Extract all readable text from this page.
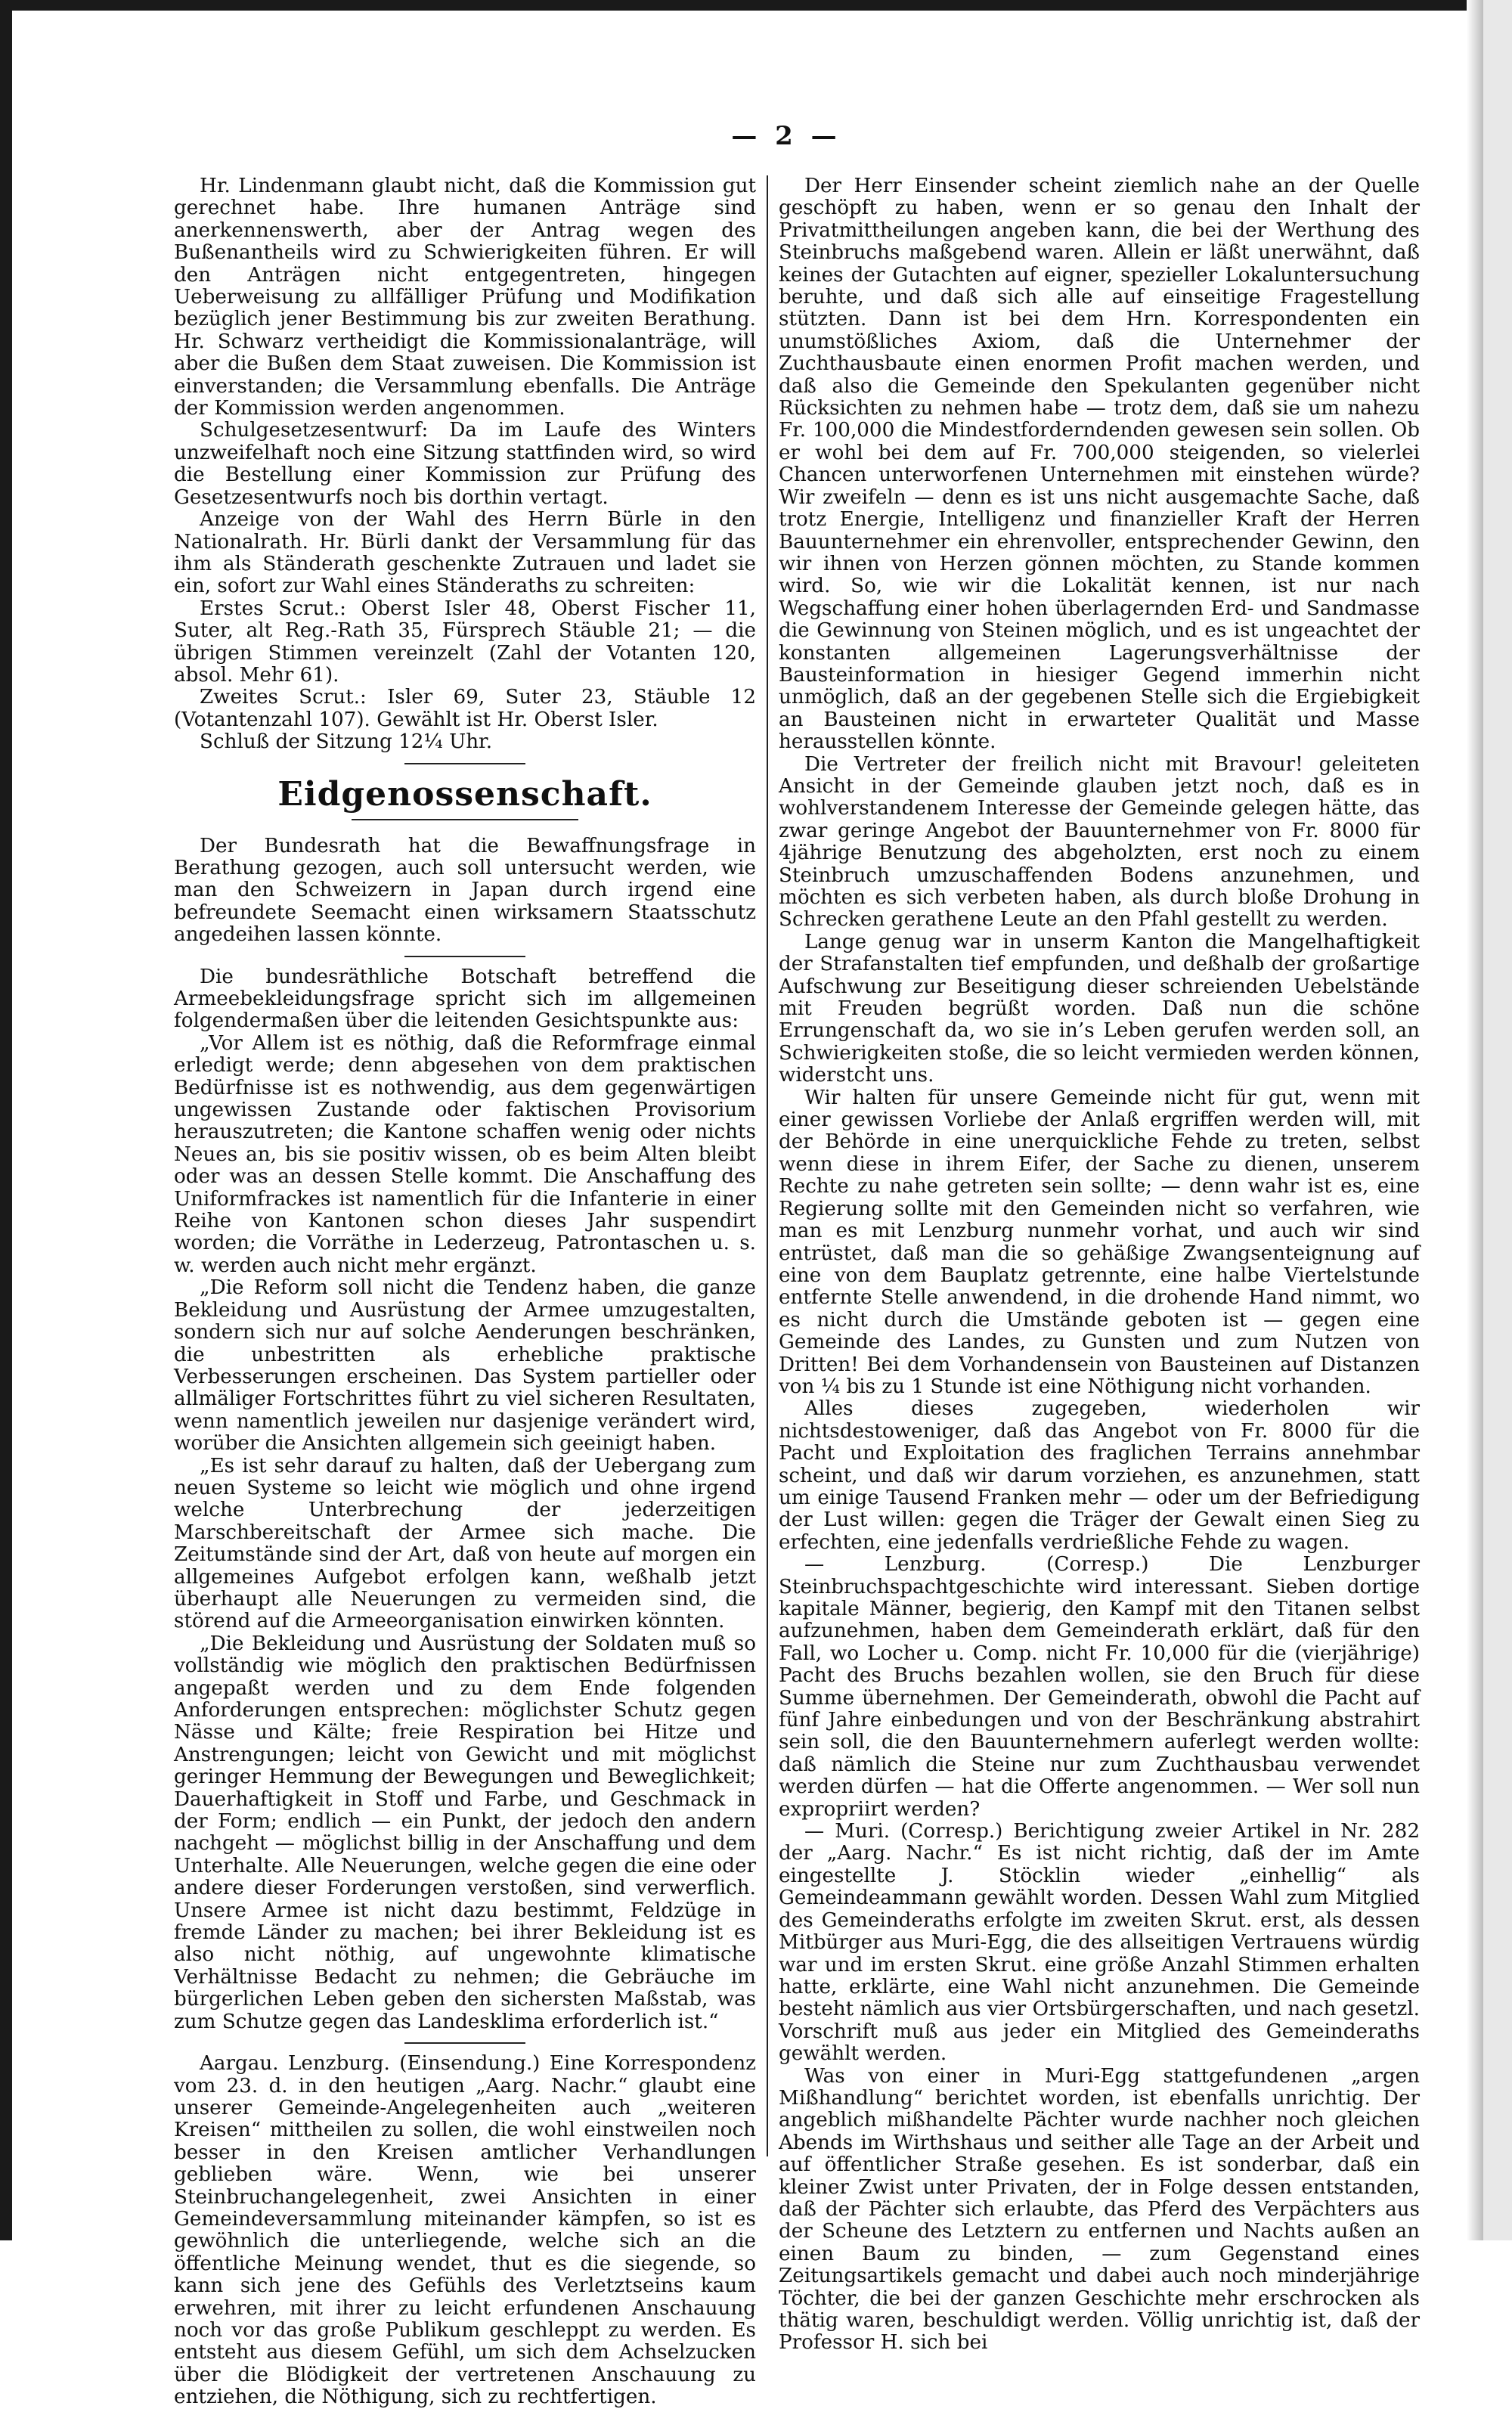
— 2 —

Hr. Lindenmann glaubt nicht, daß die Kommission gut gerechnet habe. Ihre humanen Anträge sind anerkennenswerth, aber der Antrag wegen des Bußenantheils wird zu Schwierigkeiten führen. Er will den Anträgen nicht entgegentreten, hingegen Ueberweisung zu allfälliger Prüfung und Modifikation bezüglich jener Bestimmung bis zur zweiten Berathung. Hr. Schwarz vertheidigt die Kommissionalanträge, will aber die Bußen dem Staat zuweisen. Die Kommission ist einverstanden; die Versammlung ebenfalls. Die Anträge der Kommission werden angenommen.

Schulgesetzesentwurf: Da im Laufe des Winters unzweifelhaft noch eine Sitzung stattfinden wird, so wird die Bestellung einer Kommission zur Prüfung des Gesetzesentwurfs noch bis dorthin vertagt.

Anzeige von der Wahl des Herrn Bürle in den Nationalrath. Hr. Bürli dankt der Versammlung für das ihm als Ständerath geschenkte Zutrauen und ladet sie ein, sofort zur Wahl eines Ständeraths zu schreiten:

Erstes Scrut.: Oberst Isler 48, Oberst Fischer 11, Suter, alt Reg.-Rath 35, Fürsprech Stäuble 21; — die übrigen Stimmen vereinzelt (Zahl der Votanten 120, absol. Mehr 61).

Zweites Scrut.: Isler 69, Suter 23, Stäuble 12 (Votantenzahl 107). Gewählt ist Hr. Oberst Isler.

Schluß der Sitzung 12¼ Uhr.

Eidgenossenschaft.

Der Bundesrath hat die Bewaffnungsfrage in Berathung gezogen, auch soll untersucht werden, wie man den Schweizern in Japan durch irgend eine befreundete Seemacht einen wirksamern Staatsschutz angedeihen lassen könnte.

Die bundesräthliche Botschaft betreffend die Armeebekleidungsfrage spricht sich im allgemeinen folgendermaßen über die leitenden Gesichtspunkte aus:

„Vor Allem ist es nöthig, daß die Reformfrage einmal erledigt werde; denn abgesehen von dem praktischen Bedürfnisse ist es nothwendig, aus dem gegenwärtigen ungewissen Zustande oder faktischen Provisorium herauszutreten; die Kantone schaffen wenig oder nichts Neues an, bis sie positiv wissen, ob es beim Alten bleibt oder was an dessen Stelle kommt. Die Anschaffung des Uniformfrackes ist namentlich für die Infanterie in einer Reihe von Kantonen schon dieses Jahr suspendirt worden; die Vorräthe in Lederzeug, Patrontaschen u. s. w. werden auch nicht mehr ergänzt.

„Die Reform soll nicht die Tendenz haben, die ganze Bekleidung und Ausrüstung der Armee umzugestalten, sondern sich nur auf solche Aenderungen beschränken, die unbestritten als erhebliche praktische Verbesserungen erscheinen. Das System partieller oder allmäliger Fortschrittes führt zu viel sicheren Resultaten, wenn namentlich jeweilen nur dasjenige verändert wird, worüber die Ansichten allgemein sich geeinigt haben.

„Es ist sehr darauf zu halten, daß der Uebergang zum neuen Systeme so leicht wie möglich und ohne irgend welche Unterbrechung der jederzeitigen Marschbereitschaft der Armee sich mache. Die Zeitumstände sind der Art, daß von heute auf morgen ein allgemeines Aufgebot erfolgen kann, weßhalb jetzt überhaupt alle Neuerungen zu vermeiden sind, die störend auf die Armeeorganisation einwirken könnten.

„Die Bekleidung und Ausrüstung der Soldaten muß so vollständig wie möglich den praktischen Bedürfnissen angepaßt werden und zu dem Ende folgenden Anforderungen entsprechen: möglichster Schutz gegen Nässe und Kälte; freie Respiration bei Hitze und Anstrengungen; leicht von Gewicht und mit möglichst geringer Hemmung der Bewegungen und Beweglichkeit; Dauerhaftigkeit in Stoff und Farbe, und Geschmack in der Form; endlich — ein Punkt, der jedoch den andern nachgeht — möglichst billig in der Anschaffung und dem Unterhalte. Alle Neuerungen, welche gegen die eine oder andere dieser Forderungen verstoßen, sind verwerflich. Unsere Armee ist nicht dazu bestimmt, Feldzüge in fremde Länder zu machen; bei ihrer Bekleidung ist es also nicht nöthig, auf ungewohnte klimatische Verhältnisse Bedacht zu nehmen; die Gebräuche im bürgerlichen Leben geben den sichersten Maßstab, was zum Schutze gegen das Landesklima erforderlich ist.“

Aargau. Lenzburg. (Einsendung.) Eine Korrespondenz vom 23. d. in den heutigen „Aarg. Nachr.“ glaubt eine unserer Gemeinde-Angelegenheiten auch „weiteren Kreisen“ mittheilen zu sollen, die wohl einstweilen noch besser in den Kreisen amtlicher Verhandlungen geblieben wäre. Wenn, wie bei unserer Steinbruchangelegenheit, zwei Ansichten in einer Gemeindeversammlung miteinander kämpfen, so ist es gewöhnlich die unterliegende, welche sich an die öffentliche Meinung wendet, thut es die siegende, so kann sich jene des Gefühls des Verletztseins kaum erwehren, mit ihrer zu leicht erfundenen Anschauung noch vor das große Publikum geschleppt zu werden. Es entsteht aus diesem Gefühl, um sich dem Achselzucken über die Blödigkeit der vertretenen Anschauung zu entziehen, die Nöthigung, sich zu rechtfertigen.

Der Herr Einsender scheint ziemlich nahe an der Quelle geschöpft zu haben, wenn er so genau den Inhalt der Privatmittheilungen angeben kann, die bei der Werthung des Steinbruchs maßgebend waren. Allein er läßt unerwähnt, daß keines der Gutachten auf eigner, spezieller Lokaluntersuchung beruhte, und daß sich alle auf einseitige Fragestellung stützten. Dann ist bei dem Hrn. Korrespondenten ein unumstößliches Axiom, daß die Unternehmer der Zuchthausbaute einen enormen Profit machen werden, und daß also die Gemeinde den Spekulanten gegenüber nicht Rücksichten zu nehmen habe — trotz dem, daß sie um nahezu Fr. 100,000 die Mindestforderndenden gewesen sein sollen. Ob er wohl bei dem auf Fr. 700,000 steigenden, so vielerlei Chancen unterworfenen Unternehmen mit einstehen würde? Wir zweifeln — denn es ist uns nicht ausgemachte Sache, daß trotz Energie, Intelligenz und finanzieller Kraft der Herren Bauunternehmer ein ehrenvoller, entsprechender Gewinn, den wir ihnen von Herzen gönnen möchten, zu Stande kommen wird. So, wie wir die Lokalität kennen, ist nur nach Wegschaffung einer hohen überlagernden Erd- und Sandmasse die Gewinnung von Steinen möglich, und es ist ungeachtet der konstanten allgemeinen Lagerungsverhältnisse der Bausteinformation in hiesiger Gegend immerhin nicht unmöglich, daß an der gegebenen Stelle sich die Ergiebigkeit an Bausteinen nicht in erwarteter Qualität und Masse herausstellen könnte.

Die Vertreter der freilich nicht mit Bravour! geleiteten Ansicht in der Gemeinde glauben jetzt noch, daß es in wohlverstandenem Interesse der Gemeinde gelegen hätte, das zwar geringe Angebot der Bauunternehmer von Fr. 8000 für 4jährige Benutzung des abgeholzten, erst noch zu einem Steinbruch umzuschaffenden Bodens anzunehmen, und möchten es sich verbeten haben, als durch bloße Drohung in Schrecken gerathene Leute an den Pfahl gestellt zu werden.

Lange genug war in unserm Kanton die Mangelhaftigkeit der Strafanstalten tief empfunden, und deßhalb der großartige Aufschwung zur Beseitigung dieser schreienden Uebelstände mit Freuden begrüßt worden. Daß nun die schöne Errungenschaft da, wo sie in’s Leben gerufen werden soll, an Schwierigkeiten stoße, die so leicht vermieden werden können, widerstcht uns.

Wir halten für unsere Gemeinde nicht für gut, wenn mit einer gewissen Vorliebe der Anlaß ergriffen werden will, mit der Behörde in eine unerquickliche Fehde zu treten, selbst wenn diese in ihrem Eifer, der Sache zu dienen, unserem Rechte zu nahe getreten sein sollte; — denn wahr ist es, eine Regierung sollte mit den Gemeinden nicht so verfahren, wie man es mit Lenzburg nunmehr vorhat, und auch wir sind entrüstet, daß man die so gehäßige Zwangsenteignung auf eine von dem Bauplatz getrennte, eine halbe Viertelstunde entfernte Stelle anwendend, in die drohende Hand nimmt, wo es nicht durch die Umstände geboten ist — gegen eine Gemeinde des Landes, zu Gunsten und zum Nutzen von Dritten! Bei dem Vorhandensein von Bausteinen auf Distanzen von ¼ bis zu 1 Stunde ist eine Nöthigung nicht vorhanden.

Alles dieses zugegeben, wiederholen wir nichtsdestoweniger, daß das Angebot von Fr. 8000 für die Pacht und Exploitation des fraglichen Terrains annehmbar scheint, und daß wir darum vorziehen, es anzunehmen, statt um einige Tausend Franken mehr — oder um der Befriedigung der Lust willen: gegen die Träger der Gewalt einen Sieg zu erfechten, eine jedenfalls verdrießliche Fehde zu wagen.

— Lenzburg. (Corresp.) Die Lenzburger Steinbruchspachtgeschichte wird interessant. Sieben dortige kapitale Männer, begierig, den Kampf mit den Titanen selbst aufzunehmen, haben dem Gemeinderath erklärt, daß für den Fall, wo Locher u. Comp. nicht Fr. 10,000 für die (vierjährige) Pacht des Bruchs bezahlen wollen, sie den Bruch für diese Summe übernehmen. Der Gemeinderath, obwohl die Pacht auf fünf Jahre einbedungen und von der Beschränkung abstrahirt sein soll, die den Bauunternehmern auferlegt werden wollte: daß nämlich die Steine nur zum Zuchthausbau verwendet werden dürfen — hat die Offerte angenommen. — Wer soll nun expropriirt werden?

— Muri. (Corresp.) Berichtigung zweier Artikel in Nr. 282 der „Aarg. Nachr.“ Es ist nicht richtig, daß der im Amte eingestellte J. Stöcklin wieder „einhellig“ als Gemeindeammann gewählt worden. Dessen Wahl zum Mitglied des Gemeinderaths erfolgte im zweiten Skrut. erst, als dessen Mitbürger aus Muri-Egg, die des allseitigen Vertrauens würdig war und im ersten Skrut. eine größe Anzahl Stimmen erhalten hatte, erklärte, eine Wahl nicht anzunehmen. Die Gemeinde besteht nämlich aus vier Ortsbürgerschaften, und nach gesetzl. Vorschrift muß aus jeder ein Mitglied des Gemeinderaths gewählt werden.

Was von einer in Muri-Egg stattgefundenen „argen Mißhandlung“ berichtet worden, ist ebenfalls unrichtig. Der angeblich mißhandelte Pächter wurde nachher noch gleichen Abends im Wirthshaus und seither alle Tage an der Arbeit und auf öffentlicher Straße gesehen. Es ist sonderbar, daß ein kleiner Zwist unter Privaten, der in Folge dessen entstanden, daß der Pächter sich erlaubte, das Pferd des Verpächters aus der Scheune des Letztern zu entfernen und Nachts außen an einen Baum zu binden, — zum Gegenstand eines Zeitungsartikels gemacht und dabei auch noch minderjährige Töchter, die bei der ganzen Geschichte mehr erschrocken als thätig waren, beschuldigt werden. Völlig unrichtig ist, daß der Professor H. sich bei
